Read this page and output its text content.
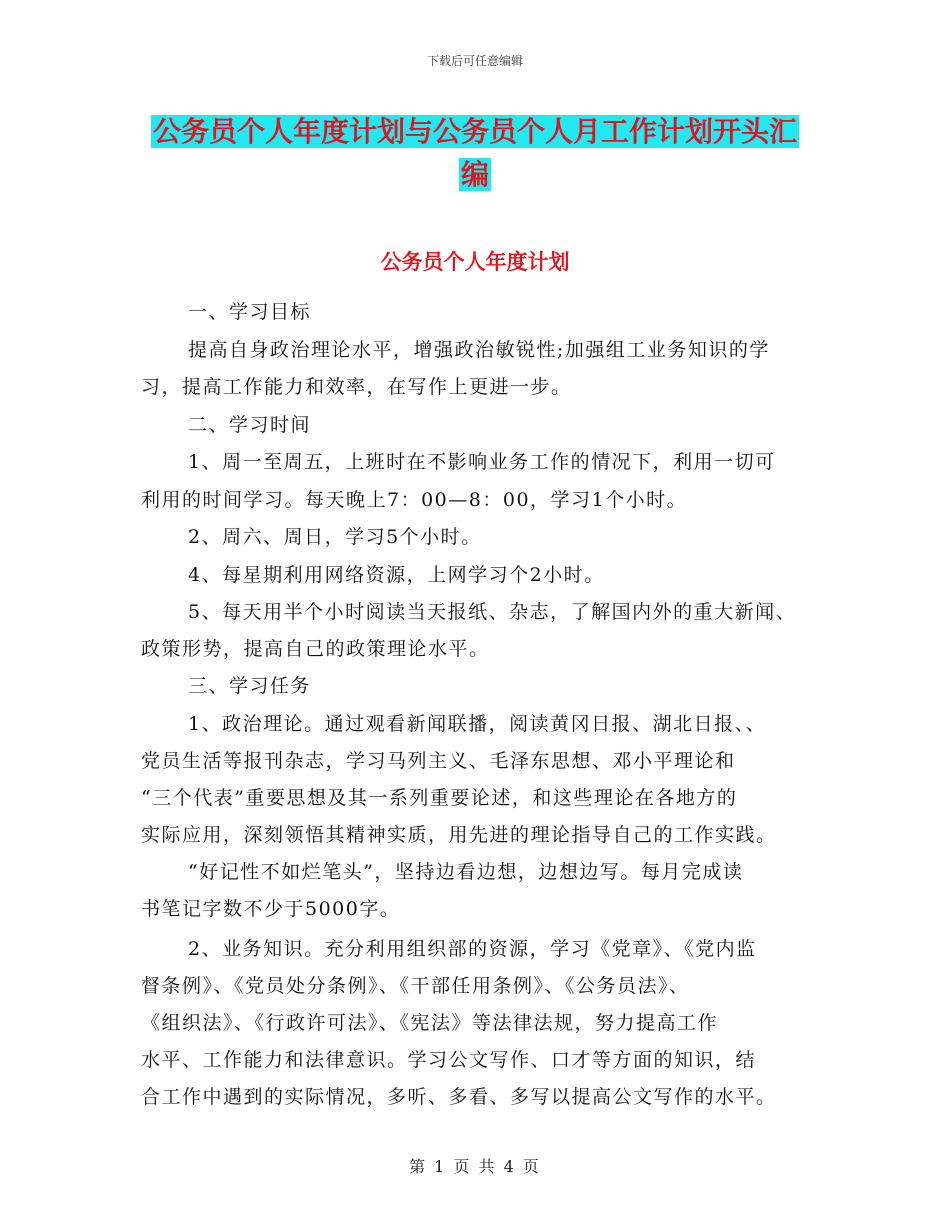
下载后可任意编辑
公务员个人年度计划与公务员个人月工作计划开头汇
编
公务员个人年度计划
一、学习目标
提高自身政治理论水平，增强政治敏锐性;加强组工业务知识的学
习，提高工作能力和效率，在写作上更进一步。
二、学习时间
1、周一至周五，上班时在不影响业务工作的情况下，利用一切可
利用的时间学习。每天晚上7：00—8：00，学习1个小时。
2、周六、周日，学习5个小时。
4、每星期利用网络资源，上网学习个2小时。
5、每天用半个小时阅读当天报纸、杂志，了解国内外的重大新闻、
政策形势，提高自己的政策理论水平。
三、学习任务
1、政治理论。通过观看新闻联播，阅读黄冈日报、湖北日报、、
党员生活等报刊杂志，学习马列主义、毛泽东思想、邓小平理论和
“三个代表”重要思想及其一系列重要论述，和这些理论在各地方的
实际应用，深刻领悟其精神实质，用先进的理论指导自己的工作实践。
“好记性不如烂笔头”，坚持边看边想，边想边写。每月完成读
书笔记字数不少于5000字。
2、业务知识。充分利用组织部的资源，学习《党章》、《党内监
督条例》、《党员处分条例》、《干部任用条例》、《公务员法》、
《组织法》、《行政许可法》、《宪法》等法律法规，努力提高工作
水平、工作能力和法律意识。学习公文写作、口才等方面的知识，结
合工作中遇到的实际情况，多听、多看、多写以提高公文写作的水平。
第 1 页 共 4 页
